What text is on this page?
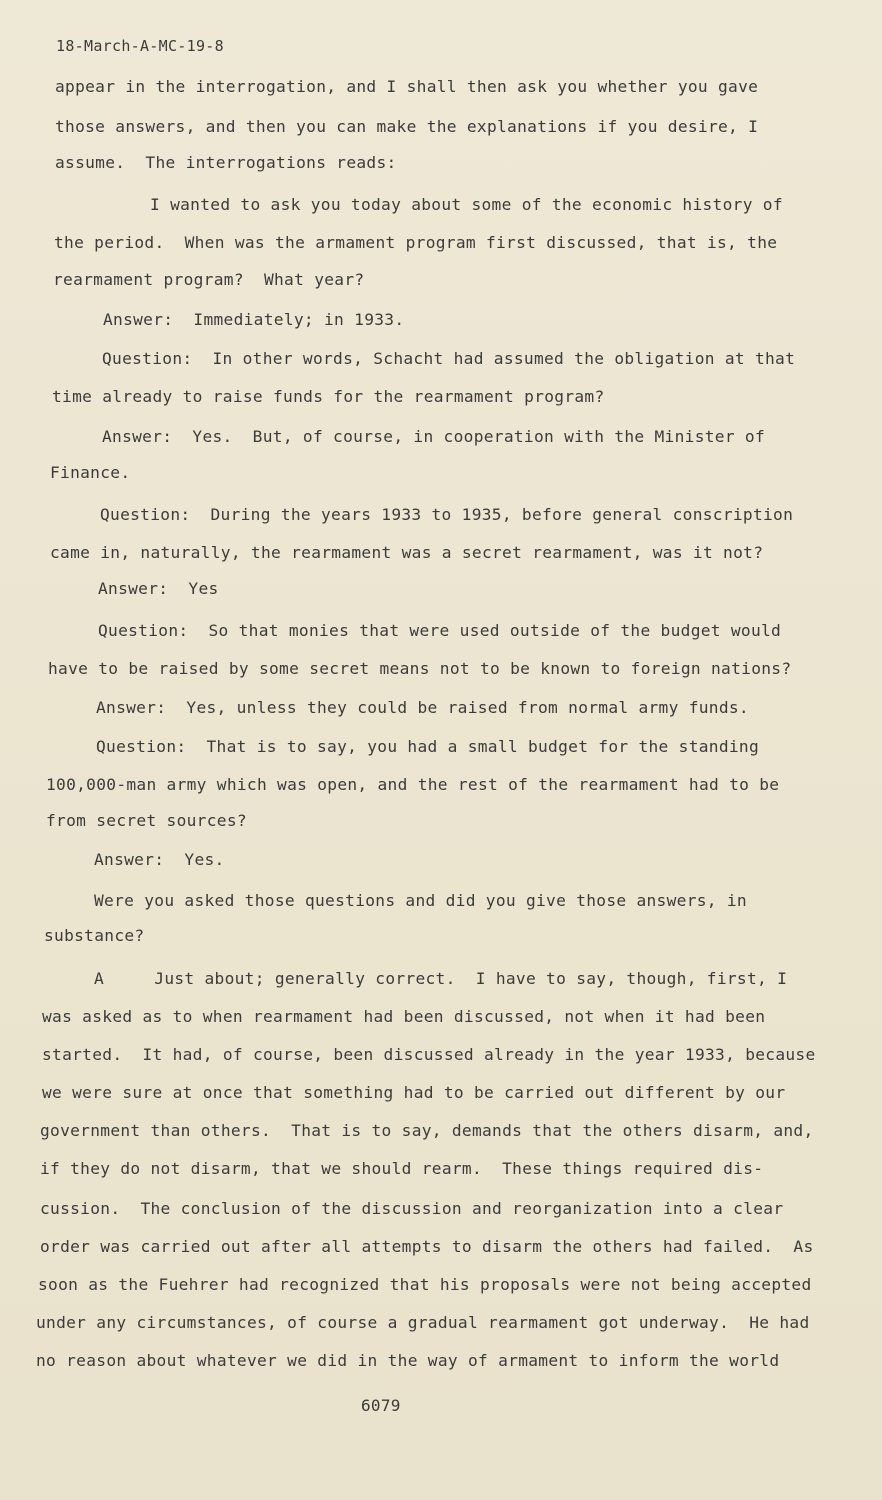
18-March-A-MC-19-8
appear in the interrogation, and I shall then ask you whether you gave
those answers, and then you can make the explanations if you desire, I
assume.  The interrogations reads:
I wanted to ask you today about some of the economic history of
the period.  When was the armament program first discussed, that is, the
rearmament program?  What year?
Answer:  Immediately; in 1933.
Question:  In other words, Schacht had assumed the obligation at that
time already to raise funds for the rearmament program?
Answer:  Yes.  But, of course, in cooperation with the Minister of
Finance.
Question:  During the years 1933 to 1935, before general conscription
came in, naturally, the rearmament was a secret rearmament, was it not?
Answer:  Yes
Question:  So that monies that were used outside of the budget would
have to be raised by some secret means not to be known to foreign nations?
Answer:  Yes, unless they could be raised from normal army funds.
Question:  That is to say, you had a small budget for the standing
100,000-man army which was open, and the rest of the rearmament had to be
from secret sources?
Answer:  Yes.
Were you asked those questions and did you give those answers, in
substance?
A     Just about; generally correct.  I have to say, though, first, I
was asked as to when rearmament had been discussed, not when it had been
started.  It had, of course, been discussed already in the year 1933, because
we were sure at once that something had to be carried out different by our
government than others.  That is to say, demands that the others disarm, and,
if they do not disarm, that we should rearm.  These things required dis-
cussion.  The conclusion of the discussion and reorganization into a clear
order was carried out after all attempts to disarm the others had failed.  As
soon as the Fuehrer had recognized that his proposals were not being accepted
under any circumstances, of course a gradual rearmament got underway.  He had
no reason about whatever we did in the way of armament to inform the world
6079
